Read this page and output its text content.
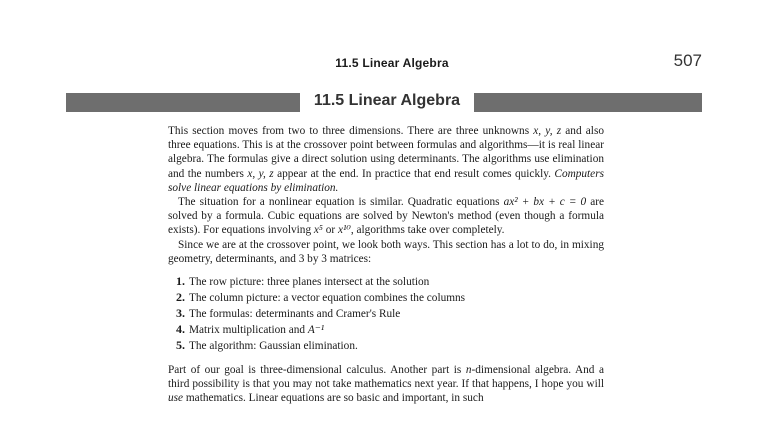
11.5 Linear Algebra	507
11.5 Linear Algebra

This section moves from two to three dimensions. There are three unknowns x, y, z and also three equations. This is at the crossover point between formulas and algorithms—it is real linear algebra. The formulas give a direct solution using determinants. The algorithms use elimination and the numbers x, y, z appear at the end. In practice that end result comes quickly. Computers solve linear equations by elimination.

The situation for a nonlinear equation is similar. Quadratic equations ax² + bx + c = 0 are solved by a formula. Cubic equations are solved by Newton's method (even though a formula exists). For equations involving x⁵ or x¹⁰, algorithms take over completely.

Since we are at the crossover point, we look both ways. This section has a lot to do, in mixing geometry, determinants, and 3 by 3 matrices:

1. The row picture: three planes intersect at the solution
2. The column picture: a vector equation combines the columns
3. The formulas: determinants and Cramer's Rule
4. Matrix multiplication and A⁻¹
5. The algorithm: Gaussian elimination.

Part of our goal is three-dimensional calculus. Another part is n-dimensional algebra. And a third possibility is that you may not take mathematics next year. If that happens, I hope you will use mathematics. Linear equations are so basic and important, in such
